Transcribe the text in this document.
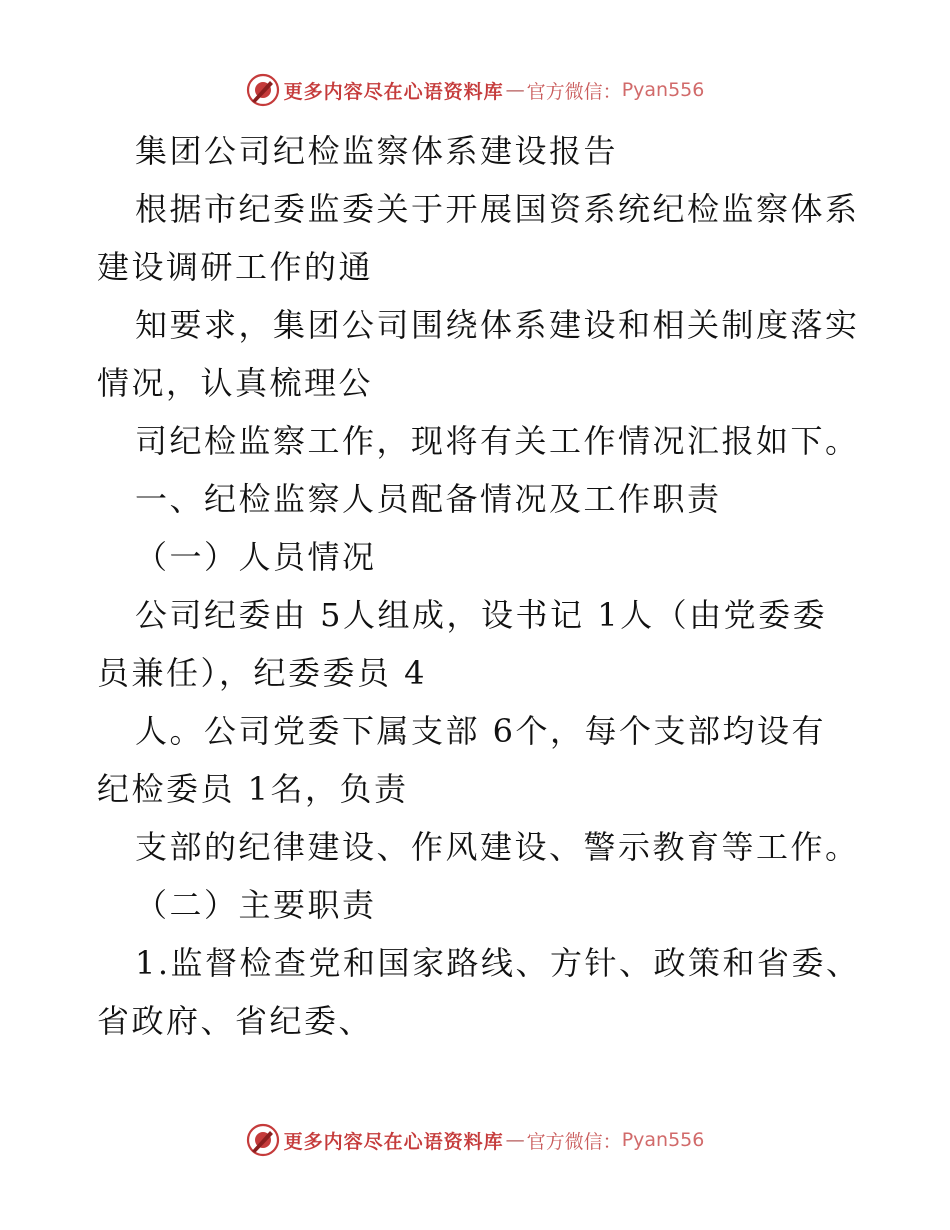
更多内容尽在心语资料库 — 官方微信： Pyan556
集团公司纪检监察体系建设报告
根据市纪委监委关于开展国资系统纪检监察体系
建设调研工作的通
知要求，集团公司围绕体系建设和相关制度落实
情况，认真梳理公
司纪检监察工作，现将有关工作情况汇报如下。
一、纪检监察人员配备情况及工作职责
（一）人员情况
公司纪委由 5人组成，设书记 1人（由党委委
员兼任），纪委委员 4
人。公司党委下属支部 6个，每个支部均设有
纪检委员 1名，负责
支部的纪律建设、作风建设、警示教育等工作。
（二）主要职责
1.监督检查党和国家路线、方针、政策和省委、
省政府、省纪委、
更多内容尽在心语资料库 — 官方微信： Pyan556
